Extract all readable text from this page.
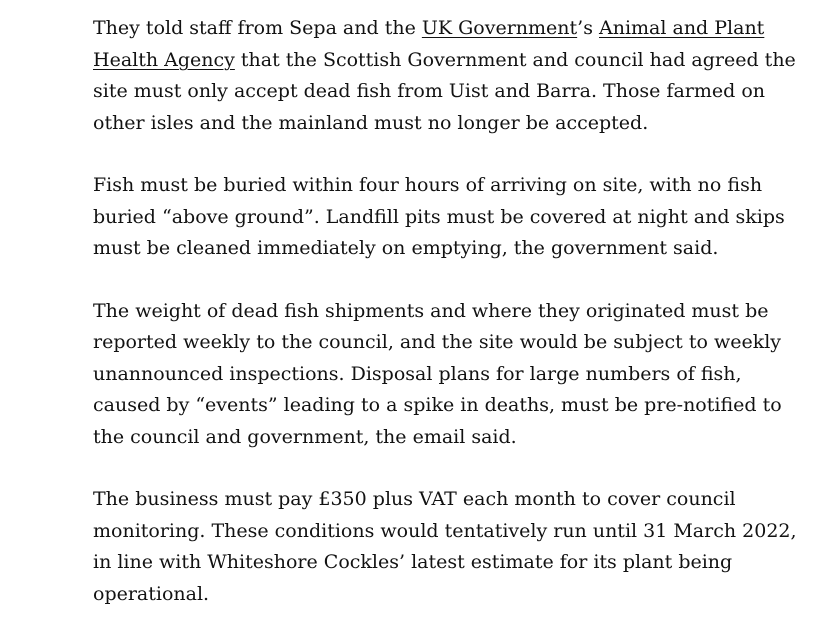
They told staff from Sepa and the UK Government’s Animal and Plant
Health Agency that the Scottish Government and council had agreed the
site must only accept dead fish from Uist and Barra. Those farmed on
other isles and the mainland must no longer be accepted.

Fish must be buried within four hours of arriving on site, with no fish
buried “above ground”. Landfill pits must be covered at night and skips
must be cleaned immediately on emptying, the government said.

The weight of dead fish shipments and where they originated must be
reported weekly to the council, and the site would be subject to weekly
unannounced inspections. Disposal plans for large numbers of fish,
caused by “events” leading to a spike in deaths, must be pre-notified to
the council and government, the email said.

The business must pay £350 plus VAT each month to cover council
monitoring. These conditions would tentatively run until 31 March 2022,
in line with Whiteshore Cockles’ latest estimate for its plant being
operational.
